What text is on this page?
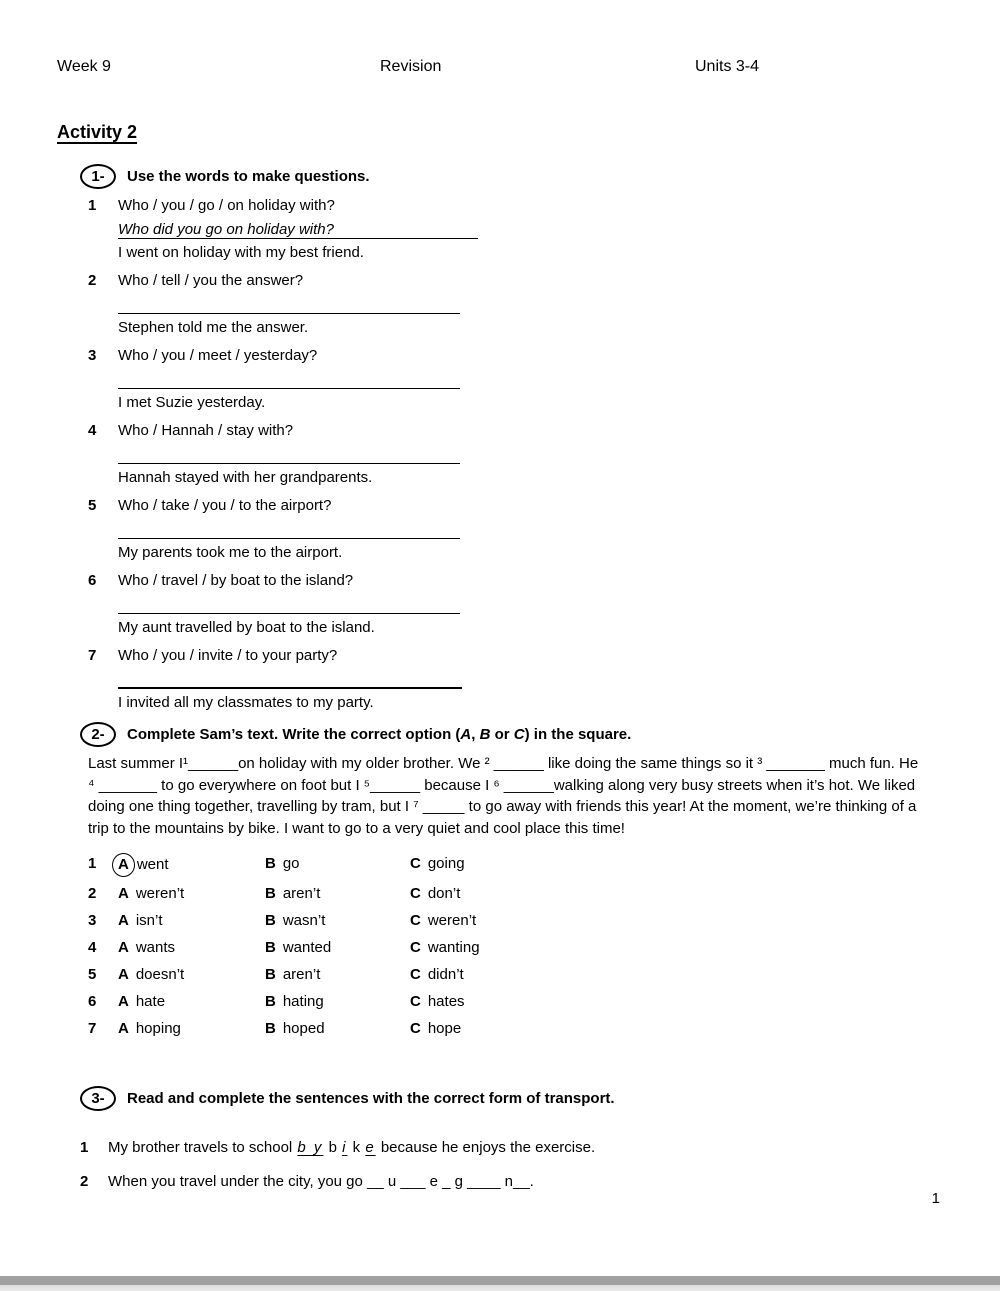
Week 9	Revision	Units 3-4
Activity 2
1-	Use the words to make questions.
1	Who / you / go / on holiday with?
Who did you go on holiday with?
I went on holiday with my best friend.
2	Who / tell / you the answer?
Stephen told me the answer.
3	Who / you / meet / yesterday?
I met Suzie yesterday.
4	Who / Hannah / stay with?
Hannah stayed with her grandparents.
5	Who / take / you / to the airport?
My parents took me to the airport.
6	Who / travel / by boat to the island?
My aunt travelled by boat to the island.
7	Who / you / invite / to your party?
I invited all my classmates to my party.
2-	Complete Sam’s text. Write the correct option (A, B or C) in the square.
Last summer I¹______on holiday with my older brother. We ² ______ like doing the same things so it ³ _______ much fun. He ⁴ _______ to go everywhere on foot but I ⁵______ because I ⁶ ______walking along very busy streets when it’s hot. We liked doing one thing together, travelling by tram, but I ⁷ _____ to go away with friends this year! At the moment, we’re thinking of a trip to the mountains by bike. I want to go to a very quiet and cool place this time!
1	A went	B go	C going
2	A weren’t	B aren’t	C don’t
3	A isn’t	B wasn’t	C weren’t
4	A wants	B wanted	C wanting
5	A doesn’t	B aren’t	C didn’t
6	A hate	B hating	C hates
7	A hoping	B hoped	C hope
3-	Read and complete the sentences with the correct form of transport.
1	My brother travels to school b y b i k e because he enjoys the exercise.
2	When you travel under the city, you go __ u ___ e _ g ____ n__.
1
